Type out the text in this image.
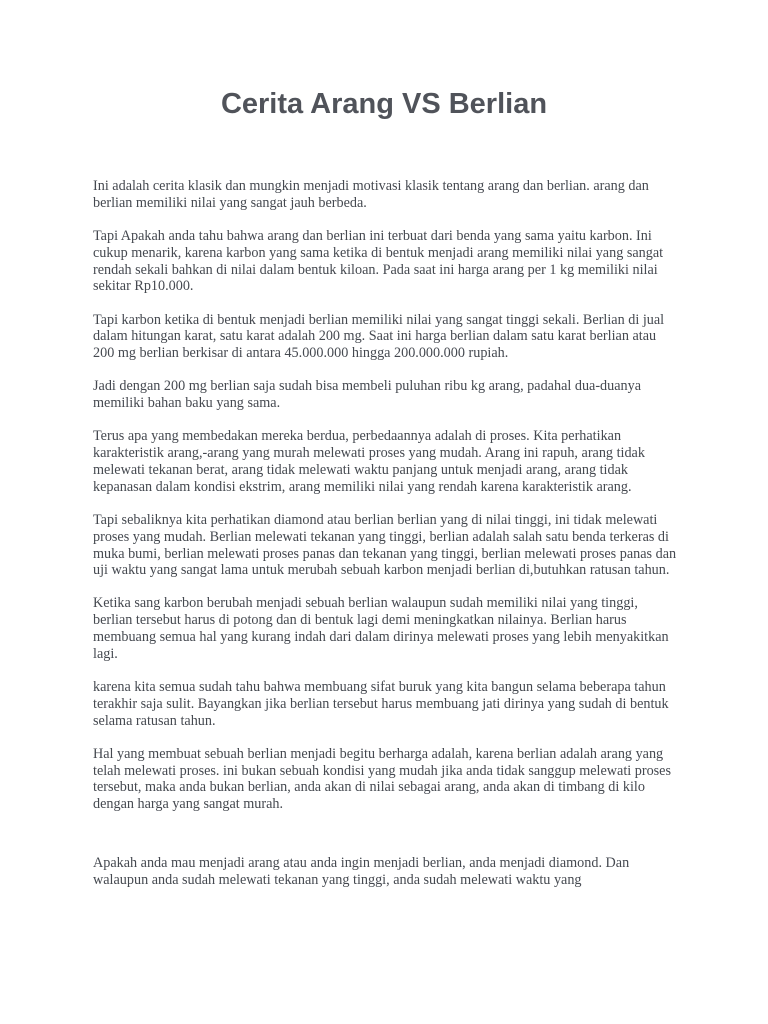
Cerita Arang VS Berlian

Ini adalah cerita klasik dan mungkin menjadi motivasi klasik tentang arang dan berlian. arang dan berlian memiliki nilai yang sangat jauh berbeda.

Tapi Apakah anda tahu bahwa arang dan berlian ini terbuat dari benda yang sama yaitu karbon. Ini cukup menarik, karena karbon yang sama ketika di bentuk menjadi arang memiliki nilai yang sangat rendah sekali bahkan di nilai dalam bentuk kiloan. Pada saat ini harga arang per 1 kg memiliki nilai sekitar Rp10.000.

Tapi karbon ketika di bentuk menjadi berlian memiliki nilai yang sangat tinggi sekali. Berlian di jual dalam hitungan karat, satu karat adalah 200 mg. Saat ini harga berlian dalam satu karat berlian atau 200 mg berlian berkisar di antara 45.000.000 hingga 200.000.000 rupiah.

Jadi dengan 200 mg berlian saja sudah bisa membeli puluhan ribu kg arang, padahal dua-duanya memiliki bahan baku yang sama.

Terus apa yang membedakan mereka berdua, perbedaannya adalah di proses. Kita perhatikan karakteristik arang,-arang yang murah melewati proses yang mudah. Arang ini rapuh, arang tidak melewati tekanan berat, arang tidak melewati waktu panjang untuk menjadi arang, arang tidak kepanasan dalam kondisi ekstrim, arang memiliki nilai yang rendah karena karakteristik arang.

Tapi sebaliknya kita perhatikan diamond atau berlian berlian yang di nilai tinggi, ini tidak melewati proses yang mudah. Berlian melewati tekanan yang tinggi, berlian adalah salah satu benda terkeras di muka bumi, berlian melewati proses panas dan tekanan yang tinggi, berlian melewati proses panas dan uji waktu yang sangat lama untuk merubah sebuah karbon menjadi berlian di,butuhkan ratusan tahun.

Ketika sang karbon berubah menjadi sebuah berlian walaupun sudah memiliki nilai yang tinggi, berlian tersebut harus di potong dan di bentuk lagi demi meningkatkan nilainya. Berlian harus membuang semua hal yang kurang indah dari dalam dirinya melewati proses yang lebih menyakitkan lagi.

karena kita semua sudah tahu bahwa membuang sifat buruk yang kita bangun selama beberapa tahun terakhir saja sulit. Bayangkan jika berlian tersebut harus membuang jati dirinya yang sudah di bentuk selama ratusan tahun.

Hal yang membuat sebuah berlian menjadi begitu berharga adalah, karena berlian adalah arang yang telah melewati proses. ini bukan sebuah kondisi yang mudah jika anda tidak sanggup melewati proses tersebut, maka anda bukan berlian, anda akan di nilai sebagai arang, anda akan di timbang di kilo dengan harga yang sangat murah.

Apakah anda mau menjadi arang atau anda ingin menjadi berlian, anda menjadi diamond. Dan walaupun anda sudah melewati tekanan yang tinggi, anda sudah melewati waktu yang
